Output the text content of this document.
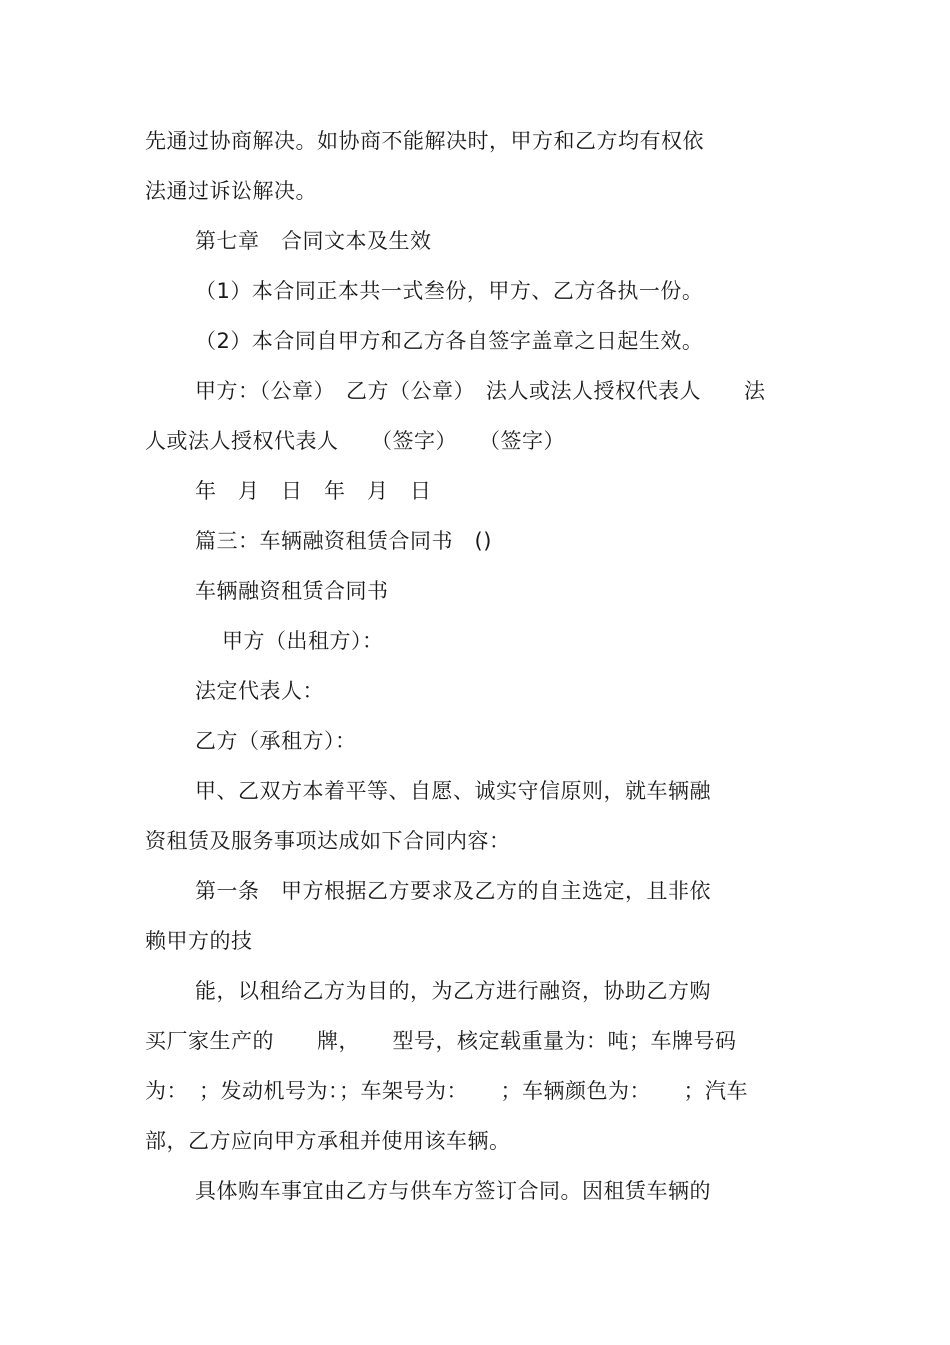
先通过协商解决。如协商不能解决时，甲方和乙方均有权依
法通过诉讼解决。
第七章　合同文本及生效
（1）本合同正本共一式叁份，甲方、乙方各执一份。
（2）本合同自甲方和乙方各自签字盖章之日起生效。
甲方：（公章）　乙方（公章）　法人或法人授权代表人　　法
人或法人授权代表人　　（签字）　　（签字）
年　月　日　年　月　日
篇三：车辆融资租赁合同书　()
车辆融资租赁合同书
甲方（出租方）：
法定代表人：
乙方（承租方）：
甲、乙双方本着平等、自愿、诚实守信原则，就车辆融
资租赁及服务事项达成如下合同内容：
第一条　甲方根据乙方要求及乙方的自主选定，且非依
赖甲方的技
能，以租给乙方为目的，为乙方进行融资，协助乙方购
买厂家生产的　　牌，　　型号，核定载重量为：吨；车牌号码
为：　；发动机号为：；车架号为：　　；车辆颜色为：　　；汽车
部，乙方应向甲方承租并使用该车辆。
具体购车事宜由乙方与供车方签订合同。因租赁车辆的
